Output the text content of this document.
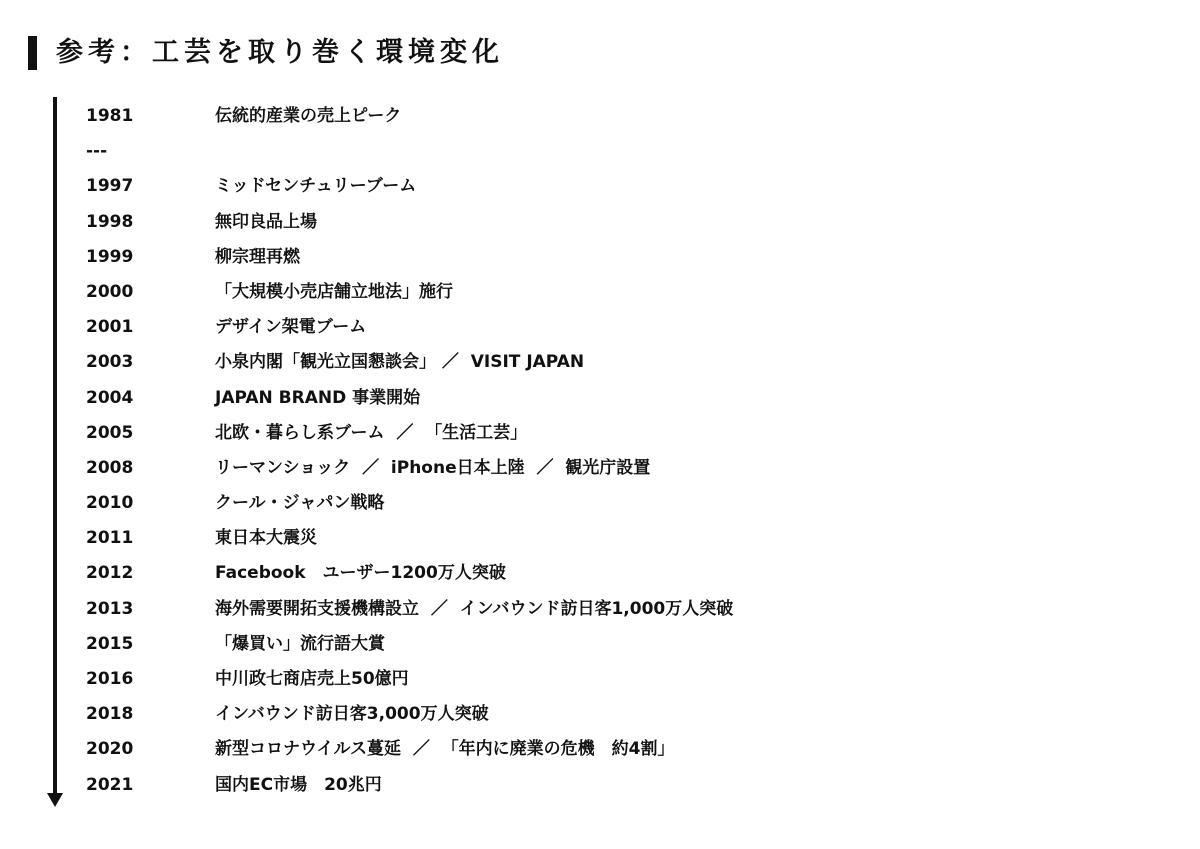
参考：工芸を取り巻く環境変化
1981	伝統的産業の売上ピーク
---
1997	ミッドセンチュリーブーム
1998	無印良品上場
1999	柳宗理再燃
2000	「大規模小売店舗立地法」施行
2001	デザイン架電ブーム
2003	小泉内閣「観光立国懇談会」 ／  VISIT JAPAN
2004	JAPAN BRAND 事業開始
2005	北欧・暮らし系ブーム  ／  「生活工芸」
2008	リーマンショック  ／  iPhone日本上陸  ／  観光庁設置
2010	クール・ジャパン戦略
2011	東日本大震災
2012	Facebook　ユーザー1200万人突破
2013	海外需要開拓支援機構設立  ／  インバウンド訪日客1,000万人突破
2015	「爆買い」流行語大賞
2016	中川政七商店売上50億円
2018	インバウンド訪日客3,000万人突破
2020	新型コロナウイルス蔓延  ／  「年内に廃業の危機　約4割」
2021	国内EC市場　20兆円
